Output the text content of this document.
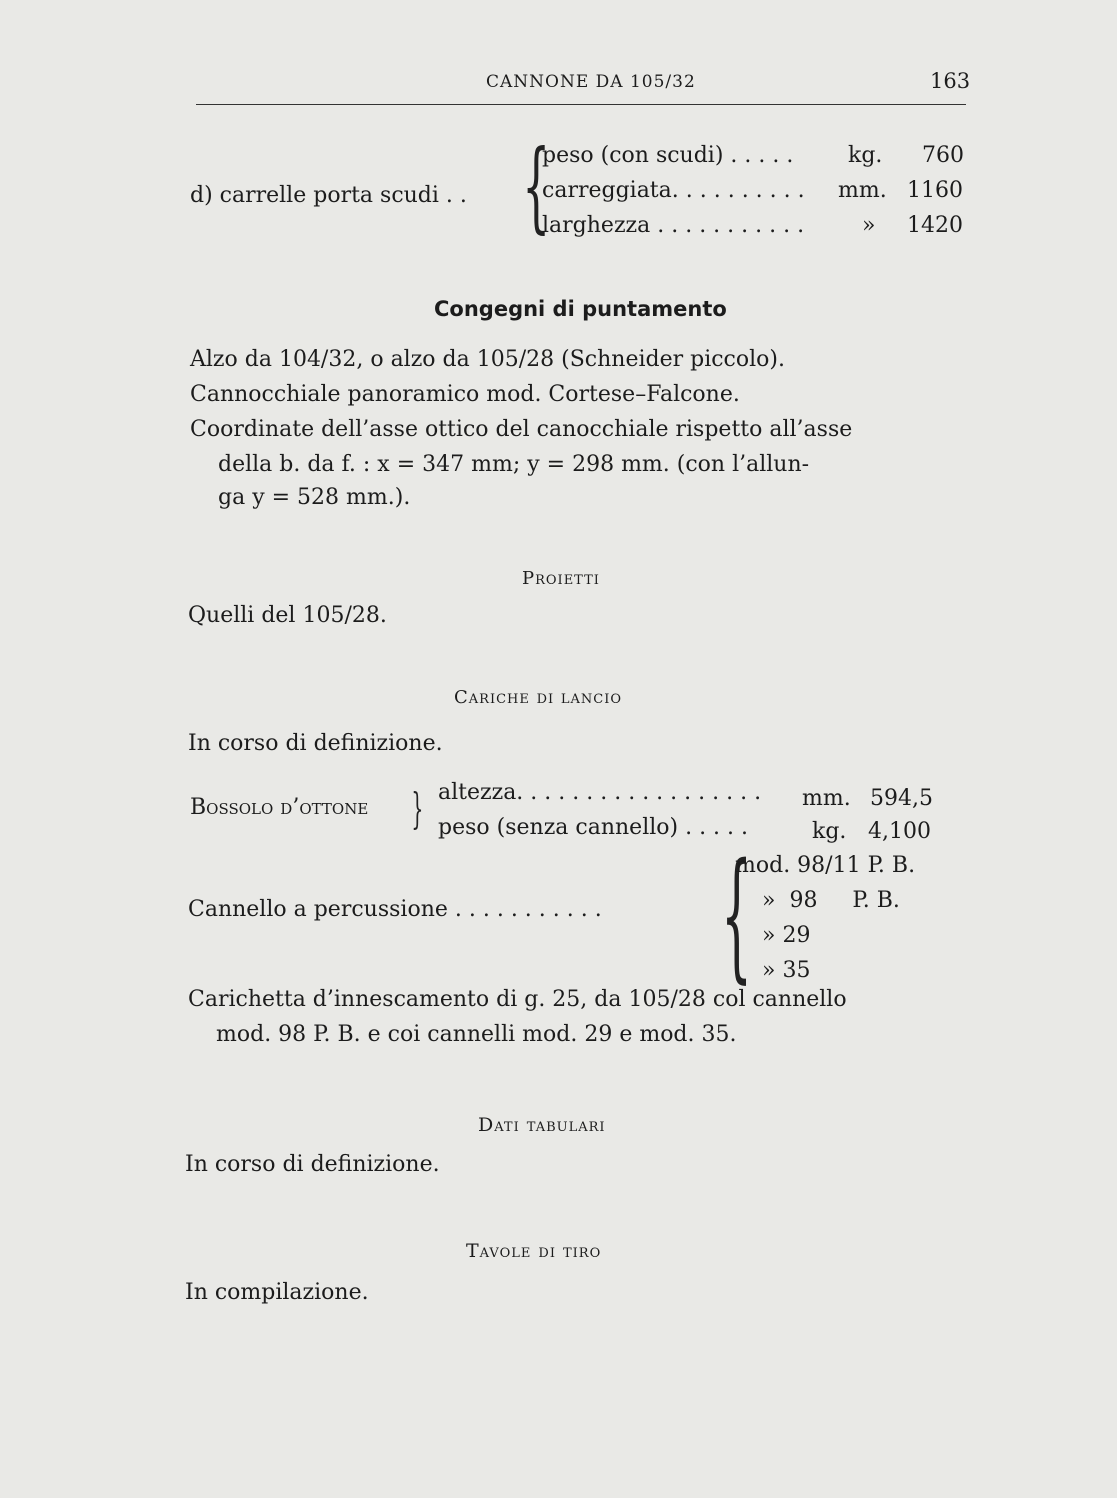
CANNONE DA 105/32	163
d) carrelle porta scudi . . {
peso (con scudi) . . . . . kg. 760
carreggiata. . . . . . . . . . mm. 1160
larghezza . . . . . . . . . . .	» 1420
Congegni di puntamento
Alzo da 104/32, o alzo da 105/28 (Schneider piccolo).
Cannocchiale panoramico mod. Cortese–Falcone.
Coordinate dell’asse ottico del canocchiale rispetto all’asse
della b. da f. : x = 347 mm; y = 298 mm. (con l’allun-
ga y = 528 mm.).
Proietti
Quelli del 105/28.
Cariche di lancio
In corso di definizione.
Bossolo d’ottone } altezza. . . . . . . . . . . . . . . . . . mm. 594,5
peso (senza cannello) . . . . .	kg. 4,100
Cannello a percussione . . . . . . . . . . . {
mod. 98/11 P. B.
»  98     P. B.
» 29
» 35
Carichetta d’innescamento di g. 25, da 105/28 col cannello
mod. 98 P. B. e coi cannelli mod. 29 e mod. 35.
Dati tabulari
In corso di definizione.
Tavole di tiro
In compilazione.
